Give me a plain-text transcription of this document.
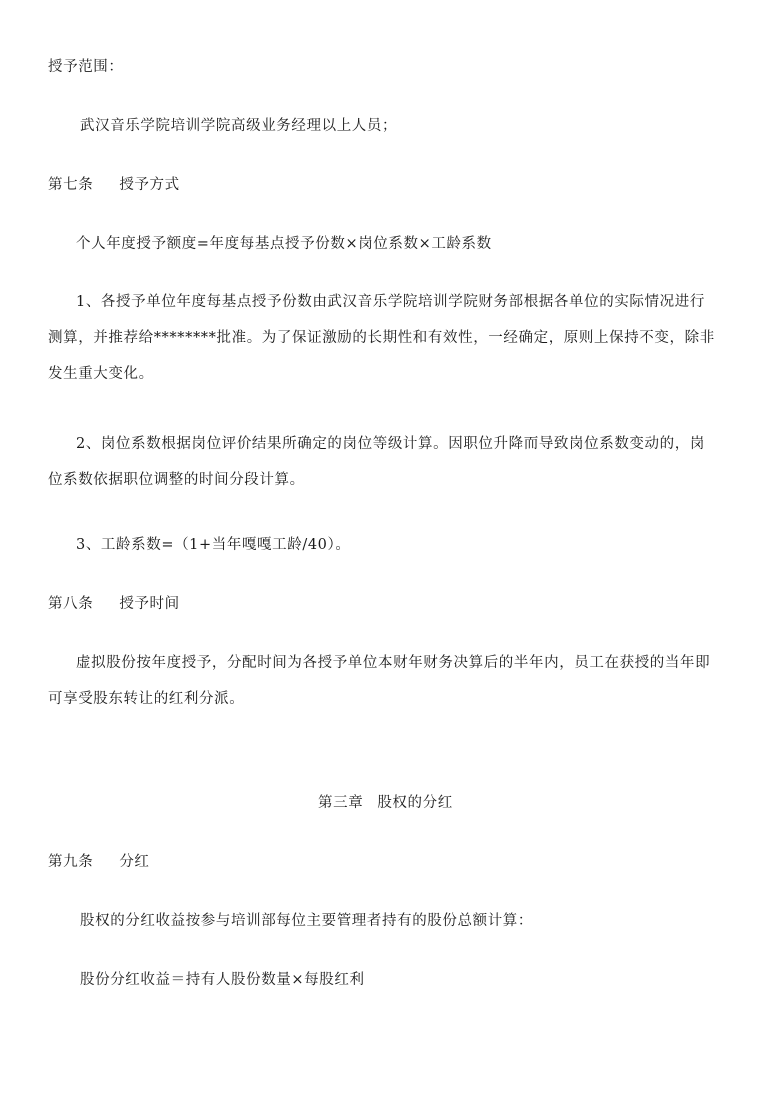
授予范围：
武汉音乐学院培训学院高级业务经理以上人员；
第七条 授予方式
个人年度授予额度=年度每基点授予份数×岗位系数×工龄系数
1、各授予单位年度每基点授予份数由武汉音乐学院培训学院财务部根据各单位的实际情况进行
测算，并推荐给********批准。为了保证激励的长期性和有效性，一经确定，原则上保持不变，除非
发生重大变化。
2、岗位系数根据岗位评价结果所确定的岗位等级计算。因职位升降而导致岗位系数变动的，岗
位系数依据职位调整的时间分段计算。
3、工龄系数=（1+当年嘎嘎工龄/40）。
第八条 授予时间
虚拟股份按年度授予，分配时间为各授予单位本财年财务决算后的半年内，员工在获授的当年即
可享受股东转让的红利分派。
第三章 股权的分红
第九条 分红
股权的分红收益按参与培训部每位主要管理者持有的股份总额计算：
股份分红收益＝持有人股份数量×每股红利
